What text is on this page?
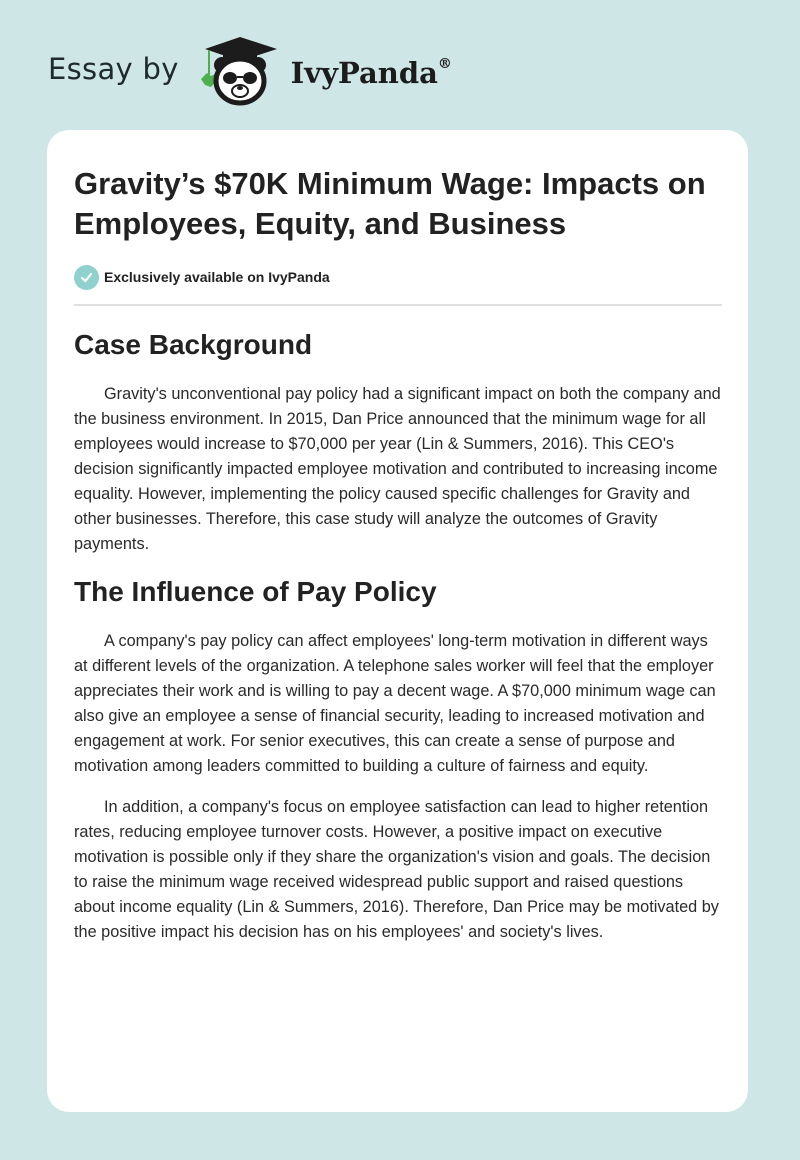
Essay by	IvyPanda®
Gravity’s $70K Minimum Wage: Impacts on Employees, Equity, and Business
Exclusively available on IvyPanda
Case Background

Gravity's unconventional pay policy had a significant impact on both the company and the business environment. In 2015, Dan Price announced that the minimum wage for all employees would increase to $70,000 per year (Lin & Summers, 2016). This CEO's decision significantly impacted employee motivation and contributed to increasing income equality. However, implementing the policy caused specific challenges for Gravity and other businesses. Therefore, this case study will analyze the outcomes of Gravity payments.

The Influence of Pay Policy

A company's pay policy can affect employees' long-term motivation in different ways at different levels of the organization. A telephone sales worker will feel that the employer appreciates their work and is willing to pay a decent wage. A $70,000 minimum wage can also give an employee a sense of financial security, leading to increased motivation and engagement at work. For senior executives, this can create a sense of purpose and motivation among leaders committed to building a culture of fairness and equity.

In addition, a company's focus on employee satisfaction can lead to higher retention rates, reducing employee turnover costs. However, a positive impact on executive motivation is possible only if they share the organization's vision and goals. The decision to raise the minimum wage received widespread public support and raised questions about income equality (Lin & Summers, 2016). Therefore, Dan Price may be motivated by the positive impact his decision has on his employees' and society's lives.
